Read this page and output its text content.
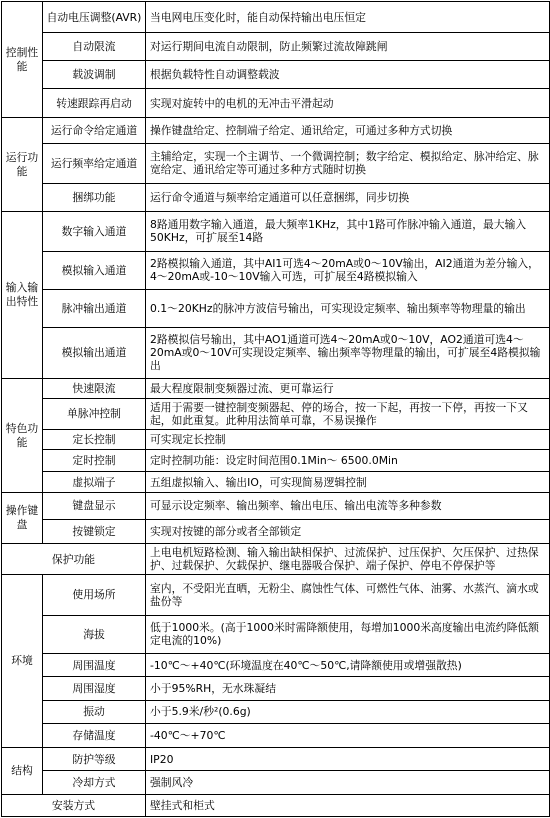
控制性能	自动电压调整(AVR)	当电网电压变化时，能自动保持输出电压恒定
	自动限流	对运行期间电流自动限制，防止频繁过流故障跳闸
	载波调制	根据负载特性自动调整载波
	转速跟踪再启动	实现对旋转中的电机的无冲击平滑起动
运行功能	运行命令给定通道	操作键盘给定、控制端子给定、通讯给定，可通过多种方式切换
	运行频率给定通道	主辅给定，实现一个主调节、一个微调控制；数字给定、模拟给定、脉冲给定、脉宽给定、通讯给定等可通过多种方式随时切换
	捆绑功能	运行命令通道与频率给定通道可以任意捆绑，同步切换
输入输出特性	数字输入通道	8路通用数字输入通道，最大频率1KHz，其中1路可作脉冲输入通道，最大输入50KHz，可扩展至14路
	模拟输入通道	2路模拟输入通道，其中AI1可选4～20mA或0～10V输出，AI2通道为差分输入，4～20mA或-10～10V输入可选，可扩展至4路模拟输入
	脉冲输出通道	0.1～20KHz的脉冲方波信号输出，可实现设定频率、输出频率等物理量的输出
	模拟输出通道	2路模拟信号输出，其中AO1通道可选4～20mA或0～10V，AO2通道可选4～20mA或0～10V可实现设定频率、输出频率等物理量的输出，可扩展至4路模拟输出
特色功能	快速限流	最大程度限制变频器过流、更可靠运行
	单脉冲控制	适用于需要一键控制变频器起、停的场合，按一下起，再按一下停，再按一下又起，如此重复。此种用法简单可靠，不易误操作
	定长控制	可实现定长控制
	定时控制	定时控制功能：设定时间范围0.1Min～ 6500.0Min
	虚拟端子	五组虚拟输入、输出IO，可实现简易逻辑控制
操作键盘	键盘显示	可显示设定频率、输出频率、输出电压、输出电流等多种参数
	按键锁定	实现对按键的部分或者全部锁定
保护功能		上电电机短路检测、输入输出缺相保护、过流保护、过压保护、欠压保护、过热保护、过载保护、欠载保护、继电器吸合保护、端子保护、停电不停保护等
环境	使用场所	室内，不受阳光直晒，无粉尘、腐蚀性气体、可燃性气体、油雾、水蒸汽、滴水或盐份等
	海拔	低于1000米。(高于1000米时需降额使用，每增加1000米高度输出电流约降低额定电流的10%)
	周围温度	-10℃～+40℃(环境温度在40℃～50℃,请降额使用或增强散热)
	周围湿度	小于95%RH，无水珠凝结
	振动	小于5.9米/秒²(0.6g)
	存储温度	-40℃～+70℃
结构	防护等级	IP20
	冷却方式	强制风冷
安装方式		壁挂式和柜式
